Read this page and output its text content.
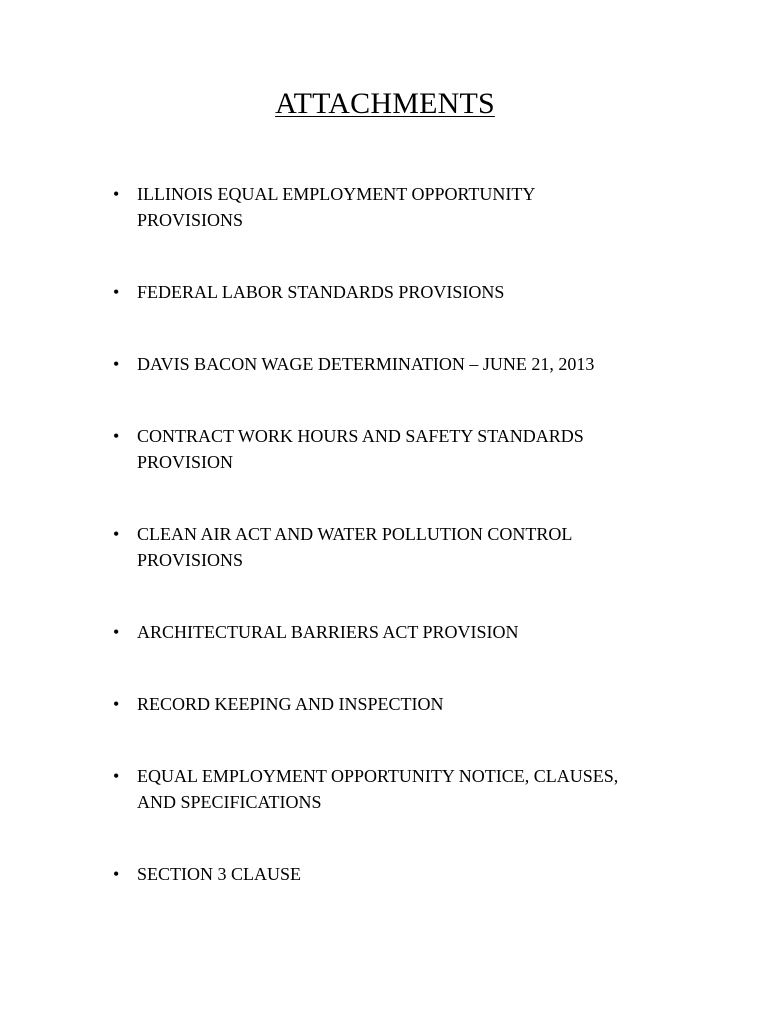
ATTACHMENTS
• ILLINOIS EQUAL EMPLOYMENT OPPORTUNITY
PROVISIONS
• FEDERAL LABOR STANDARDS PROVISIONS
• DAVIS BACON WAGE DETERMINATION – JUNE 21, 2013
• CONTRACT WORK HOURS AND SAFETY STANDARDS
PROVISION
• CLEAN AIR ACT AND WATER POLLUTION CONTROL
PROVISIONS
• ARCHITECTURAL BARRIERS ACT PROVISION
• RECORD KEEPING AND INSPECTION
• EQUAL EMPLOYMENT OPPORTUNITY NOTICE, CLAUSES,
AND SPECIFICATIONS
• SECTION 3 CLAUSE
